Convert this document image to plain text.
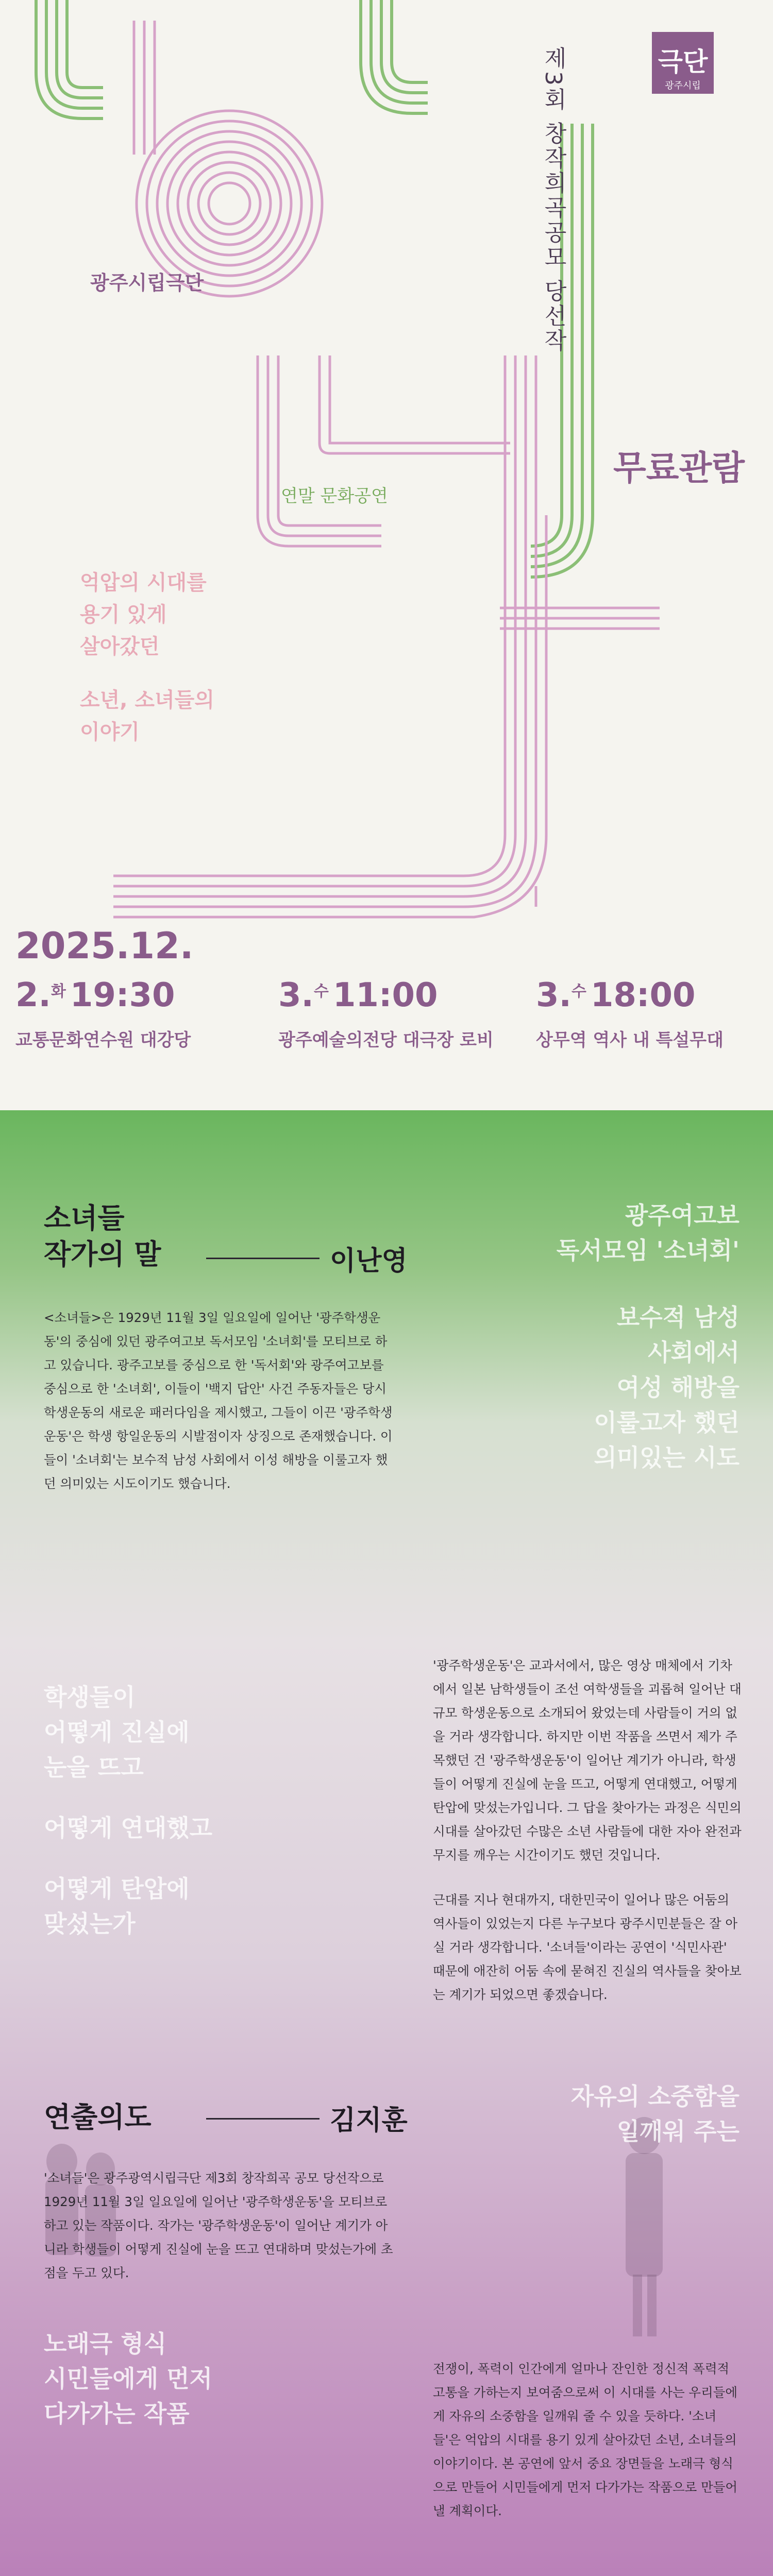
제3회 창작희곡공모 당선작	극단
광주시립
광주시립극단
연말 문화공연
무료관람
억압의 시대를
용기 있게
살아갔던
소년, 소녀들의
이야기
2025.12.
2.화 19:30
교통문화연수원 대강당
3.수 11:00
광주예술의전당 대극장 로비
3.수 18:00
상무역 역사 내 특설무대
소녀들
작가의 말	이난영
<소녀들>은 1929년 11월 3일 일요일에 일어난 '광주학생운동'의 중심에 있던 광주여고보 독서모임 '소녀회'를 모티브로 하고 있습니다. 광주고보를 중심으로 한 '독서회'와 광주여고보를 중심으로 한 '소녀회', 이들이 '백지 답안' 사건 주동자들은 당시 학생운동의 새로운 패러다임을 제시했고, 그들이 이끈 '광주학생운동'은 학생 항일운동의 시발점이자 상징으로 존재했습니다. 이들이 '소녀회'는 보수적 남성 사회에서 이성 해방을 이룰고자 했던 의미있는 시도이기도 했습니다.
광주여고보
독서모임 '소녀회'
보수적 남성
사회에서
여성 해방을
이룰고자 했던
의미있는 시도
학생들이
어떻게 진실에
눈을 뜨고
어떻게 연대했고
어떻게 탄압에
맞섰는가
'광주학생운동'은 교과서에서, 많은 영상 매체에서 기차에서 일본 남학생들이 조선 여학생들을 괴롭혀 일어난 대규모 학생운동으로 소개되어 왔었는데 사람들이 거의 없을 거라 생각합니다. 하지만 이번 작품을 쓰면서 제가 주목했던 건 '광주학생운동'이 일어난 계기가 아니라, 학생들이 어떻게 진실에 눈을 뜨고, 어떻게 연대했고, 어떻게 탄압에 맞섰는가입니다. 그 답을 찾아가는 과정은 식민의 시대를 살아갔던 수많은 소년 사람들에 대한 자아 완전과 무지를 깨우는 시간이기도 했던 것입니다.
근대를 지나 현대까지, 대한민국이 일어나 많은 어둠의 역사들이 있었는지 다른 누구보다 광주시민분들은 잘 아실 거라 생각합니다. '소녀들'이라는 공연이 '식민사관' 때문에 애잔히 어둠 속에 묻혀진 진실의 역사들을 찾아보는 계기가 되었으면 좋겠습니다.
연출의도	김지훈
'소녀들'은 광주광역시립극단 제3회 창작희곡 공모 당선작으로 1929년 11월 3일 일요일에 일어난 '광주학생운동'을 모티브로 하고 있는 작품이다. 작가는 '광주학생운동'이 일어난 계기가 아니라 학생들이 어떻게 진실에 눈을 뜨고 연대하며 맞섰는가에 초점을 두고 있다.
자유의 소중함을
일깨워 주는
노래극 형식
시민들에게 먼저
다가가는 작품
전쟁이, 폭력이 인간에게 얼마나 잔인한 정신적 폭력적 고통을 가하는지 보여줌으로써 이 시대를 사는 우리들에게 자유의 소중함을 일깨워 줄 수 있을 듯하다. '소녀들'은 억압의 시대를 용기 있게 살아갔던 소년, 소녀들의 이야기이다. 본 공연에 앞서 중요 장면들을 노래극 형식으로 만들어 시민들에게 먼저 다가가는 작품으로 만들어낼 계획이다.
